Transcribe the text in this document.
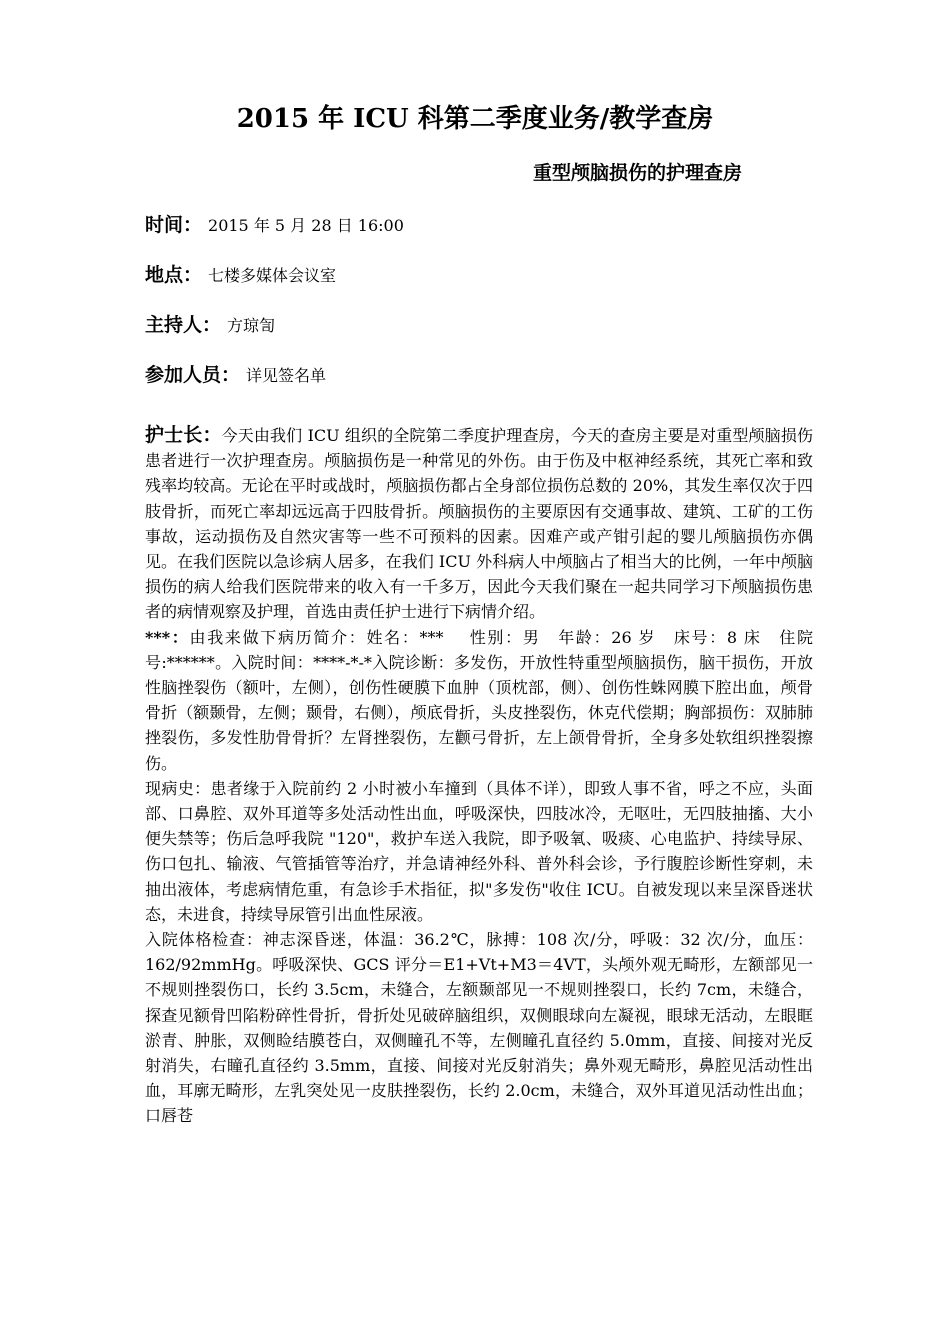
2015 年 ICU 科第二季度业务/教学查房
重型颅脑损伤的护理查房
时间： 2015 年 5 月 28 日 16:00
地点： 七楼多媒体会议室
主持人： 方琼訇
参加人员： 详见签名单

护士长：今天由我们 ICU 组织的全院第二季度护理查房，今天的查房主要是对重型颅脑损伤患者进行一次护理查房。颅脑损伤是一种常见的外伤。由于伤及中枢神经系统，其死亡率和致残率均较高。无论在平时或战时，颅脑损伤都占全身部位损伤总数的 20%，其发生率仅次于四肢骨折，而死亡率却远远高于四肢骨折。颅脑损伤的主要原因有交通事故、建筑、工矿的工伤事故，运动损伤及自然灾害等一些不可预料的因素。因难产或产钳引起的婴儿颅脑损伤亦偶见。在我们医院以急诊病人居多，在我们 ICU 外科病人中颅脑占了相当大的比例，一年中颅脑损伤的病人给我们医院带来的收入有一千多万，因此今天我们聚在一起共同学习下颅脑损伤患者的病情观察及护理，首选由责任护士进行下病情介绍。

***：由我来做下病历简介：姓名：***　 性别：男　年龄：26 岁　床号：8 床　住院号:******。入院时间：****-*-*入院诊断：多发伤，开放性特重型颅脑损伤，脑干损伤，开放性脑挫裂伤（额叶，左侧），创伤性硬膜下血肿（顶枕部，侧）、创伤性蛛网膜下腔出血，颅骨骨折（额颞骨，左侧；颞骨，右侧），颅底骨折，头皮挫裂伤，休克代偿期；胸部损伤：双肺肺挫裂伤，多发性肋骨骨折？左肾挫裂伤，左颧弓骨折，左上颌骨骨折，全身多处软组织挫裂擦伤。

现病史：患者缘于入院前约 2 小时被小车撞到（具体不详），即致人事不省，呼之不应，头面部、口鼻腔、双外耳道等多处活动性出血，呼吸深快，四肢冰冷，无呕吐，无四肢抽搐、大小便失禁等；伤后急呼我院 "120"，救护车送入我院，即予吸氧、吸痰、心电监护、持续导尿、伤口包扎、输液、气管插管等治疗，并急请神经外科、普外科会诊，予行腹腔诊断性穿刺，未抽出液体，考虑病情危重，有急诊手术指征，拟"多发伤"收住 ICU。自被发现以来呈深昏迷状态，未进食，持续导尿管引出血性尿液。

入院体格检查：神志深昏迷，体温：36.2℃，脉搏：108 次/分，呼吸：32 次/分，血压：162/92mmHg。呼吸深快、GCS 评分＝E1+Vt+M3＝4VT，头颅外观无畸形，左额部见一不规则挫裂伤口，长约 3.5cm，未缝合，左额颞部见一不规则挫裂口，长约 7cm，未缝合，探查见额骨凹陷粉碎性骨折，骨折处见破碎脑组织，双侧眼球向左凝视，眼球无活动，左眼眶淤青、肿胀，双侧睑结膜苍白，双侧瞳孔不等，左侧瞳孔直径约 5.0mm，直接、间接对光反射消失，右瞳孔直径约 3.5mm，直接、间接对光反射消失；鼻外观无畸形，鼻腔见活动性出血，耳廓无畸形，左乳突处见一皮肤挫裂伤，长约 2.0cm，未缝合，双外耳道见活动性出血；口唇苍
